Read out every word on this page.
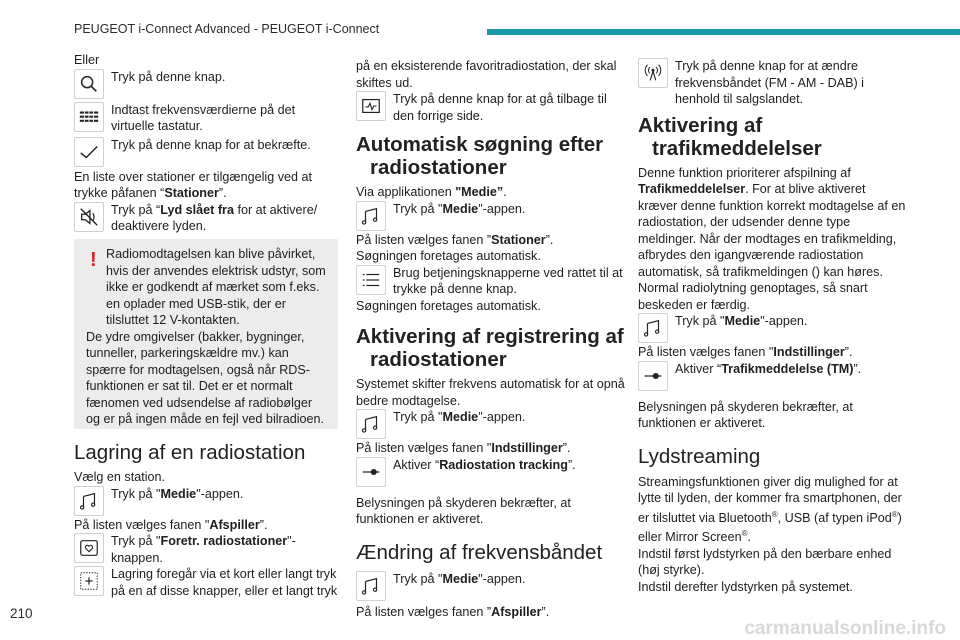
PEUGEOT i-Connect Advanced - PEUGEOT i-Connect

Eller

Tryk på denne knap.
Indtast frekvensværdierne på det virtuelle tastatur.
Tryk på denne knap for at bekræfte.

En liste over stationer er tilgængelig ved at trykke påfanen “Stationer”.

Tryk på “Lyd slået fra for at aktivere/ deaktivere lyden.
! Radiomodtagelsen kan blive påvirket, hvis der anvendes elektrisk udstyr, som ikke er godkendt af mærket som f.eks. en oplader med USB-stik, der er tilsluttet 12 V-kontakten.

De ydre omgivelser (bakker, bygninger, tunneller, parkeringskældre mv.) kan spærre for modtagelsen, også når RDS-funktionen er sat til. Det er et normalt fænomen ved udsendelse af radiobølger og er på ingen måde en fejl ved bilradioen.

Lagring af en radiostation

Vælg en station.

Tryk på "Medie"-appen.

På listen vælges fanen "Afspiller”.

Tryk på "Foretr. radiostationer"-knappen.
Lagring foregår via et kort eller langt tryk på en af disse knapper, eller et langt tryk

på en eksisterende favoritradiostation, der skal skiftes ud.

Tryk på denne knap for at gå tilbage til den forrige side.
Automatisk søgning efter
radiostationer

Via applikationen "Medie”.

Tryk på "Medie"-appen.

På listen vælges fanen ”Stationer”.

Søgningen foretages automatisk.

Brug betjeningsknapperne ved rattet til at trykke på denne knap.

Søgningen foretages automatisk.

Aktivering af registrering af
radiostationer

Systemet skifter frekvens automatisk for at opnå bedre modtagelse.

Tryk på "Medie"-appen.

På listen vælges fanen "Indstillinger”.

Aktiver “Radiostation tracking”.

Belysningen på skyderen bekræfter, at funktionen er aktiveret.

Ændring af frekvensbåndet
Tryk på "Medie"-appen.

På listen vælges fanen ”Afspiller”.

Tryk på denne knap for at ændre frekvensbåndet (FM - AM - DAB) i henhold til salgslandet.
Aktivering af
trafikmeddelelser

Denne funktion prioriterer afspilning af Trafikmeddelelser. For at blive aktiveret kræver denne funktion korrekt modtagelse af en radiostation, der udsender denne type meldinger. Når der modtages en trafikmelding, afbrydes den igangværende radiostation automatisk, så trafikmeldingen () kan høres. Normal radiolytning genoptages, så snart beskeden er færdig.

Tryk på "Medie"-appen.

På listen vælges fanen "Indstillinger”.

Aktiver “Trafikmeddelelse (TM)”.

Belysningen på skyderen bekræfter, at funktionen er aktiveret.

Lydstreaming

Streamingsfunktionen giver dig mulighed for at lytte til lyden, der kommer fra smartphonen, der er tilsluttet via Bluetooth®, USB (af typen iPod®) eller Mirror Screen®.

Indstil først lydstyrken på den bærbare enhed (høj styrke).

Indstil derefter lydstyrken på systemet.

210
carmanualsonline.info
